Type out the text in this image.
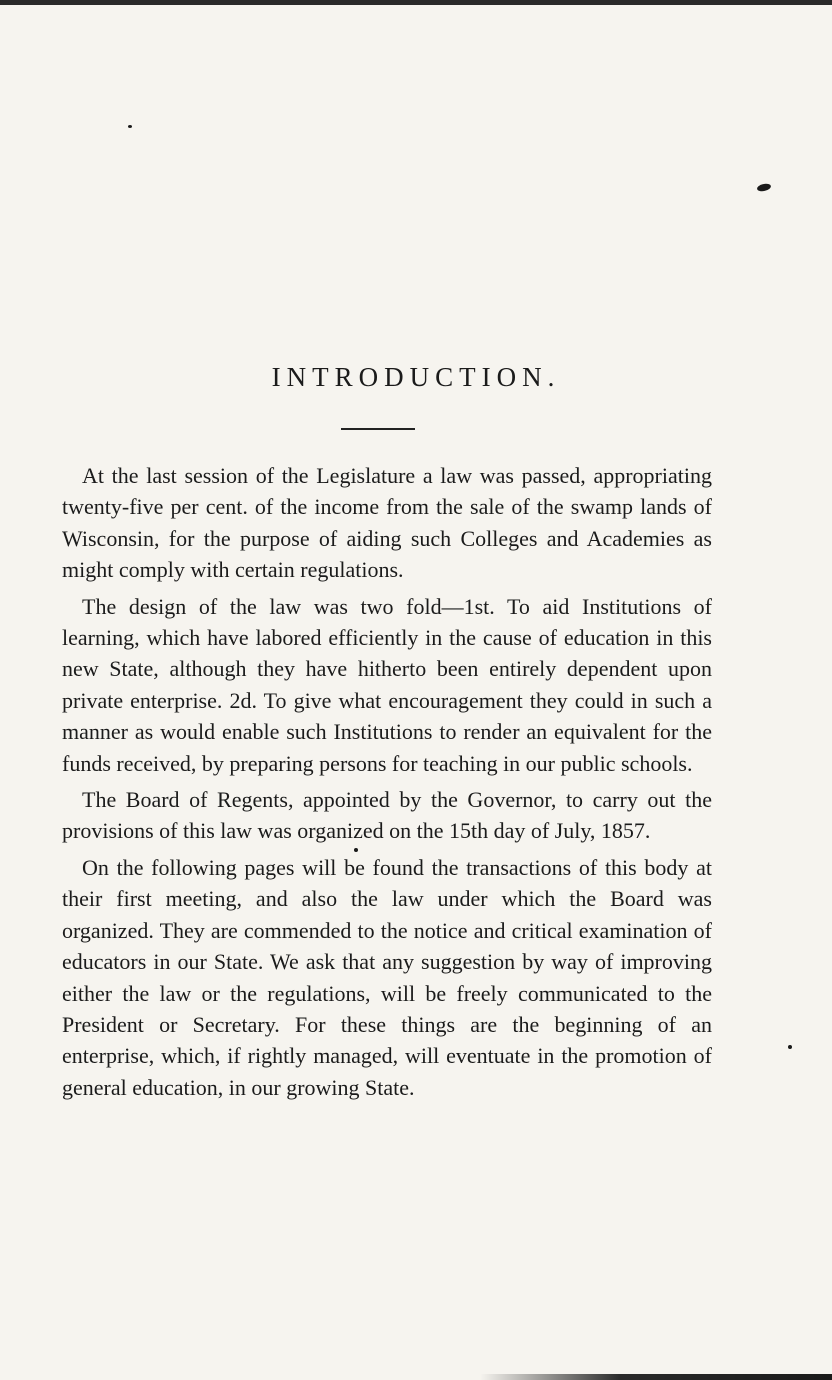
INTRODUCTION.

At the last session of the Legislature a law was passed, appropriating twenty-five per cent. of the income from the sale of the swamp lands of Wisconsin, for the purpose of aiding such Colleges and Academies as might comply with certain regulations.

The design of the law was two fold—1st. To aid Institutions of learning, which have labored efficiently in the cause of education in this new State, although they have hitherto been entirely dependent upon private enterprise. 2d. To give what encouragement they could in such a manner as would enable such Institutions to render an equivalent for the funds received, by preparing persons for teaching in our public schools.

The Board of Regents, appointed by the Governor, to carry out the provisions of this law was organized on the 15th day of July, 1857.

On the following pages will be found the transactions of this body at their first meeting, and also the law under which the Board was organized. They are commended to the notice and critical examination of educators in our State. We ask that any suggestion by way of improving either the law or the regulations, will be freely communicated to the President or Secretary. For these things are the beginning of an enterprise, which, if rightly managed, will eventuate in the promotion of general education, in our growing State.
